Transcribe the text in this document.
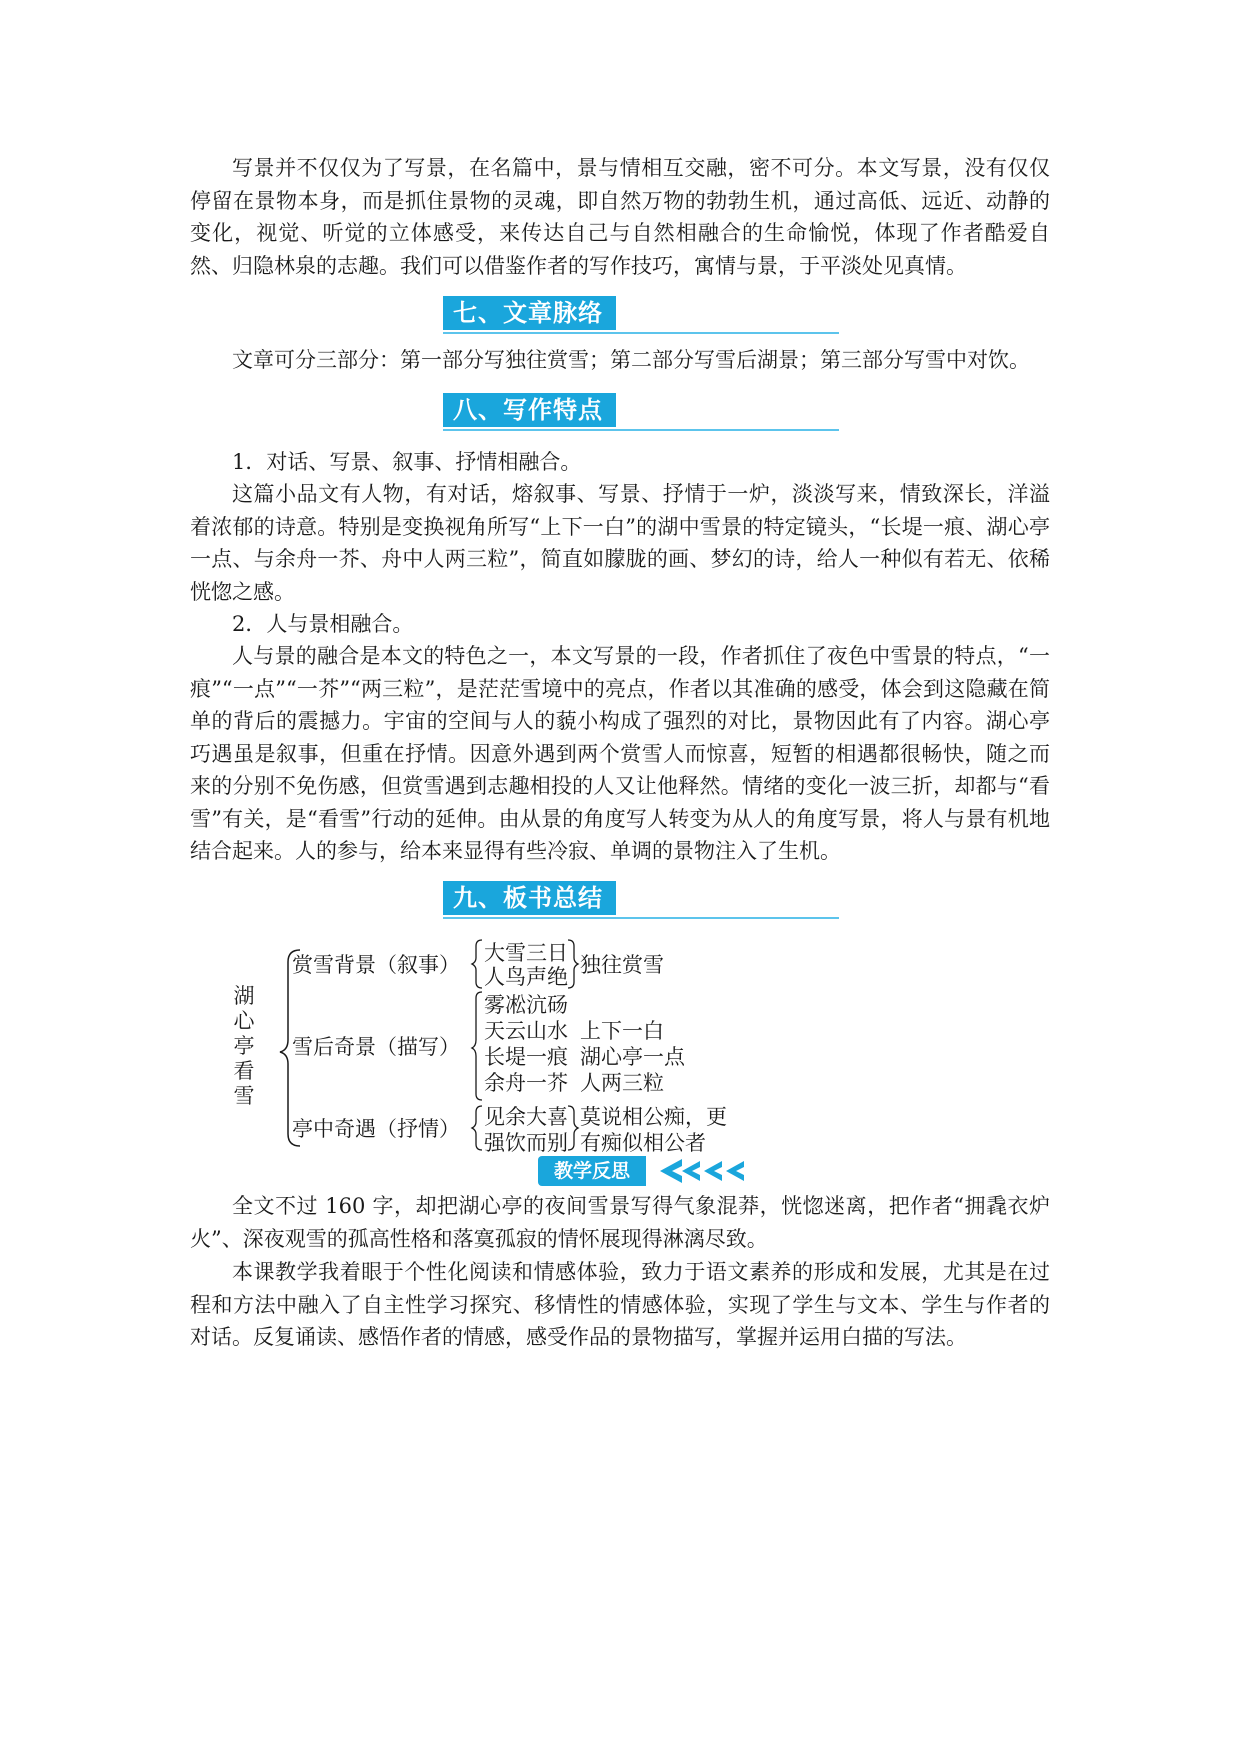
写景并不仅仅为了写景，在名篇中，景与情相互交融，密不可分。本文写景，没有仅仅停留在景物本身，而是抓住景物的灵魂，即自然万物的勃勃生机，通过高低、远近、动静的变化，视觉、听觉的立体感受，来传达自己与自然相融合的生命愉悦，体现了作者酷爱自然、归隐林泉的志趣。我们可以借鉴作者的写作技巧，寓情与景，于平淡处见真情。

七、文章脉络

文章可分三部分：第一部分写独往赏雪；第二部分写雪后湖景；第三部分写雪中对饮。

八、写作特点

1．对话、写景、叙事、抒情相融合。

这篇小品文有人物，有对话，熔叙事、写景、抒情于一炉，淡淡写来，情致深长，洋溢着浓郁的诗意。特别是变换视角所写“上下一白”的湖中雪景的特定镜头，“长堤一痕、湖心亭一点、与余舟一芥、舟中人两三粒”，简直如朦胧的画、梦幻的诗，给人一种似有若无、依稀恍惚之感。

2．人与景相融合。

人与景的融合是本文的特色之一，本文写景的一段，作者抓住了夜色中雪景的特点，“一痕”“一点”“一芥”“两三粒”，是茫茫雪境中的亮点，作者以其准确的感受，体会到这隐藏在简单的背后的震撼力。宇宙的空间与人的藐小构成了强烈的对比，景物因此有了内容。湖心亭巧遇虽是叙事，但重在抒情。因意外遇到两个赏雪人而惊喜，短暂的相遇都很畅快，随之而来的分别不免伤感，但赏雪遇到志趣相投的人又让他释然。情绪的变化一波三折，却都与“看雪”有关，是“看雪”行动的延伸。由从景的角度写人转变为从人的角度写景，将人与景有机地结合起来。人的参与，给本来显得有些冷寂、单调的景物注入了生机。

九、板书总结
湖心亭看雪
赏雪背景（叙事） 大雪三日
人鸟声绝 独往赏雪
雪后奇景（描写）
雾凇沆砀
天云山水
长堤一痕
余舟一芥
上下一白
湖心亭一点
人两三粒
亭中奇遇（抒情） 见余大喜
强饮而别
莫说相公痴，更
有痴似相公者
教学反思

全文不过 160 字，却把湖心亭的夜间雪景写得气象混莽，恍惚迷离，把作者“拥毳衣炉火”、深夜观雪的孤高性格和落寞孤寂的情怀展现得淋漓尽致。

本课教学我着眼于个性化阅读和情感体验，致力于语文素养的形成和发展，尤其是在过程和方法中融入了自主性学习探究、移情性的情感体验，实现了学生与文本、学生与作者的对话。反复诵读、感悟作者的情感，感受作品的景物描写，掌握并运用白描的写法。
